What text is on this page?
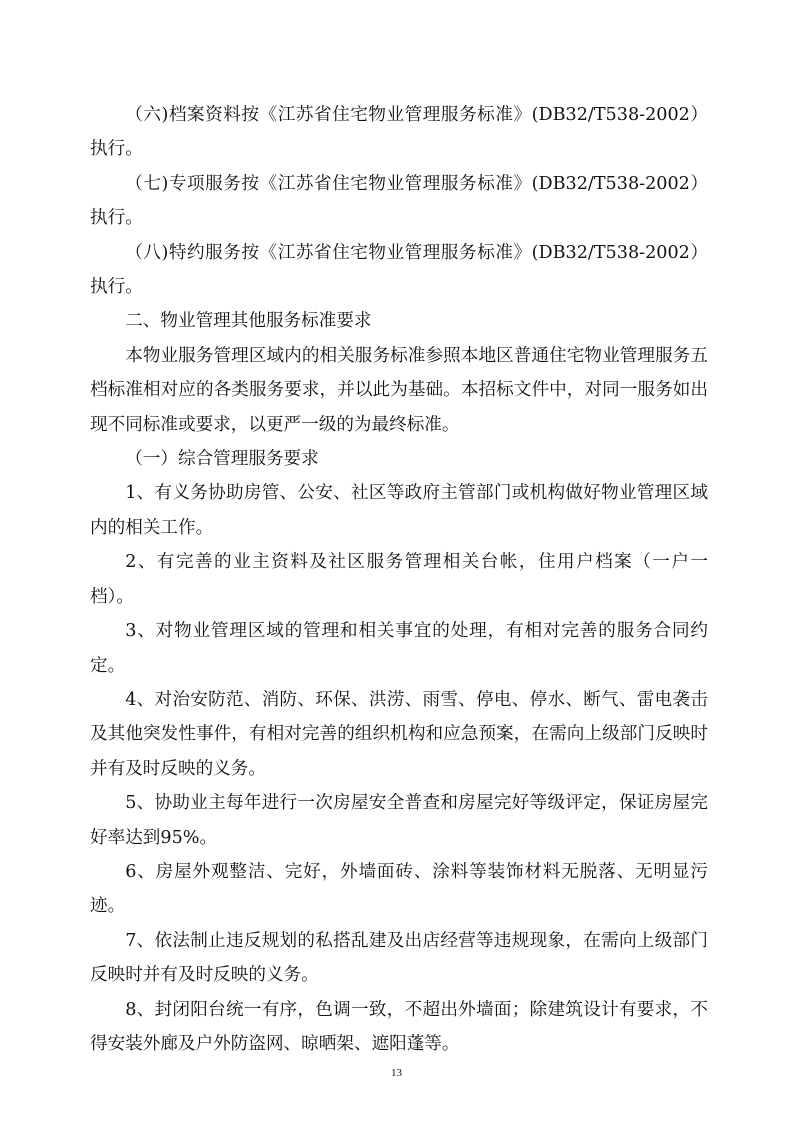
（六)档案资料按《江苏省住宅物业管理服务标准》(DB32/T538-2002）执行。

（七)专项服务按《江苏省住宅物业管理服务标准》(DB32/T538-2002）执行。

（八)特约服务按《江苏省住宅物业管理服务标准》(DB32/T538-2002）执行。

二、物业管理其他服务标准要求

本物业服务管理区域内的相关服务标准参照本地区普通住宅物业管理服务五档标准相对应的各类服务要求，并以此为基础。本招标文件中，对同一服务如出现不同标准或要求，以更严一级的为最终标准。

（一）综合管理服务要求

1、有义务协助房管、公安、社区等政府主管部门或机构做好物业管理区域内的相关工作。

2、有完善的业主资料及社区服务管理相关台帐，住用户档案（一户一档）。

3、对物业管理区域的管理和相关事宜的处理，有相对完善的服务合同约定。

4、对治安防范、消防、环保、洪涝、雨雪、停电、停水、断气、雷电袭击及其他突发性事件，有相对完善的组织机构和应急预案，在需向上级部门反映时并有及时反映的义务。

5、协助业主每年进行一次房屋安全普查和房屋完好等级评定，保证房屋完好率达到95%。

6、房屋外观整洁、完好，外墙面砖、涂料等装饰材料无脱落、无明显污迹。

7、依法制止违反规划的私搭乱建及出店经营等违规现象，在需向上级部门反映时并有及时反映的义务。

8、封闭阳台统一有序，色调一致，不超出外墙面；除建筑设计有要求，不得安装外廊及户外防盗网、晾晒架、遮阳蓬等。

13
